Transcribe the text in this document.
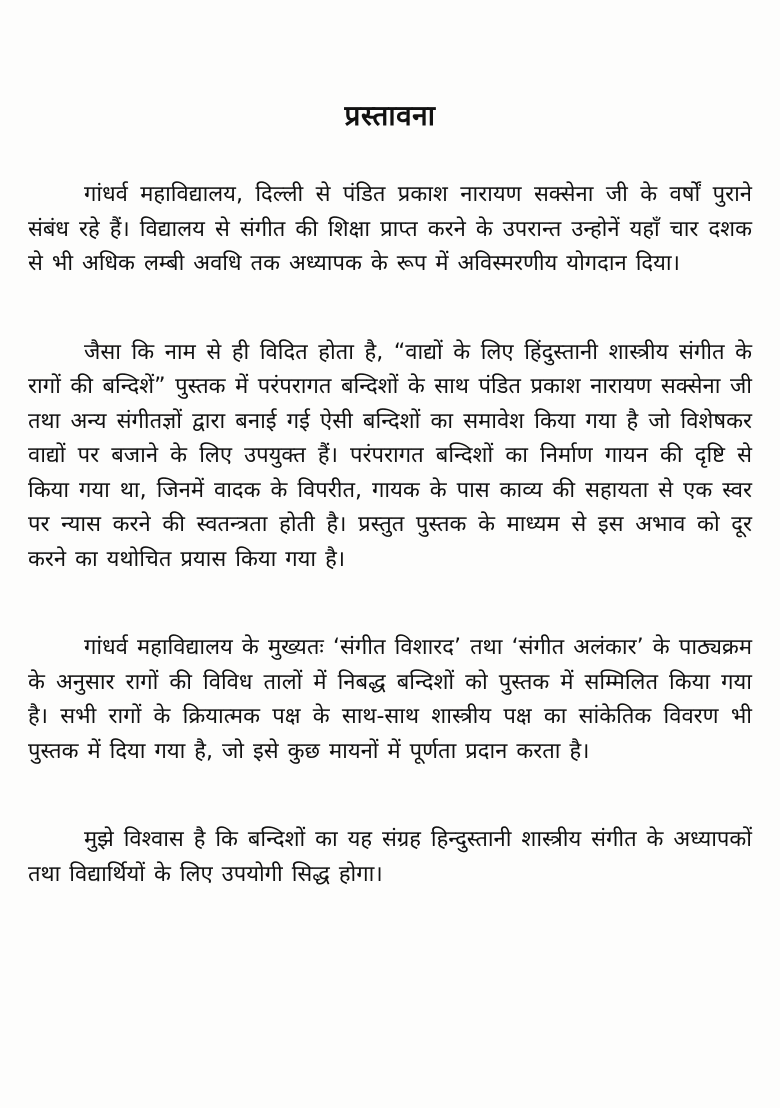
प्रस्तावना

गांधर्व महाविद्यालय, दिल्ली से पंडित प्रकाश नारायण सक्सेना जी के वर्षों पुराने संबंध रहे हैं। विद्यालय से संगीत की शिक्षा प्राप्त करने के उपरान्त उन्होनें यहाँ चार दशक से भी अधिक लम्बी अवधि तक अध्यापक के रूप में अविस्मरणीय योगदान दिया।

जैसा कि नाम से ही विदित होता है, “वाद्यों के लिए हिंदुस्तानी शास्त्रीय संगीत के रागों की बन्दिशें” पुस्तक में परंपरागत बन्दिशों के साथ पंडित प्रकाश नारायण सक्सेना जी तथा अन्य संगीतज्ञों द्वारा बनाई गई ऐसी बन्दिशों का समावेश किया गया है जो विशेषकर वाद्यों पर बजाने के लिए उपयुक्त हैं। परंपरागत बन्दिशों का निर्माण गायन की दृष्टि से किया गया था, जिनमें वादक के विपरीत, गायक के पास काव्य की सहायता से एक स्वर पर न्यास करने की स्वतन्त्रता होती है। प्रस्तुत पुस्तक के माध्यम से इस अभाव को दूर करने का यथोचित प्रयास किया गया है।

गांधर्व महाविद्यालय के मुख्यतः ‘संगीत विशारद’ तथा ‘संगीत अलंकार’ के पाठ्यक्रम के अनुसार रागों की विविध तालों में निबद्ध बन्दिशों को पुस्तक में सम्मिलित किया गया है। सभी रागों के क्रियात्मक पक्ष के साथ-साथ शास्त्रीय पक्ष का सांकेतिक विवरण भी पुस्तक में दिया गया है, जो इसे कुछ मायनों में पूर्णता प्रदान करता है।

मुझे विश्वास है कि बन्दिशों का यह संग्रह हिन्दुस्तानी शास्त्रीय संगीत के अध्यापकों तथा विद्यार्थियों के लिए उपयोगी सिद्ध होगा।
